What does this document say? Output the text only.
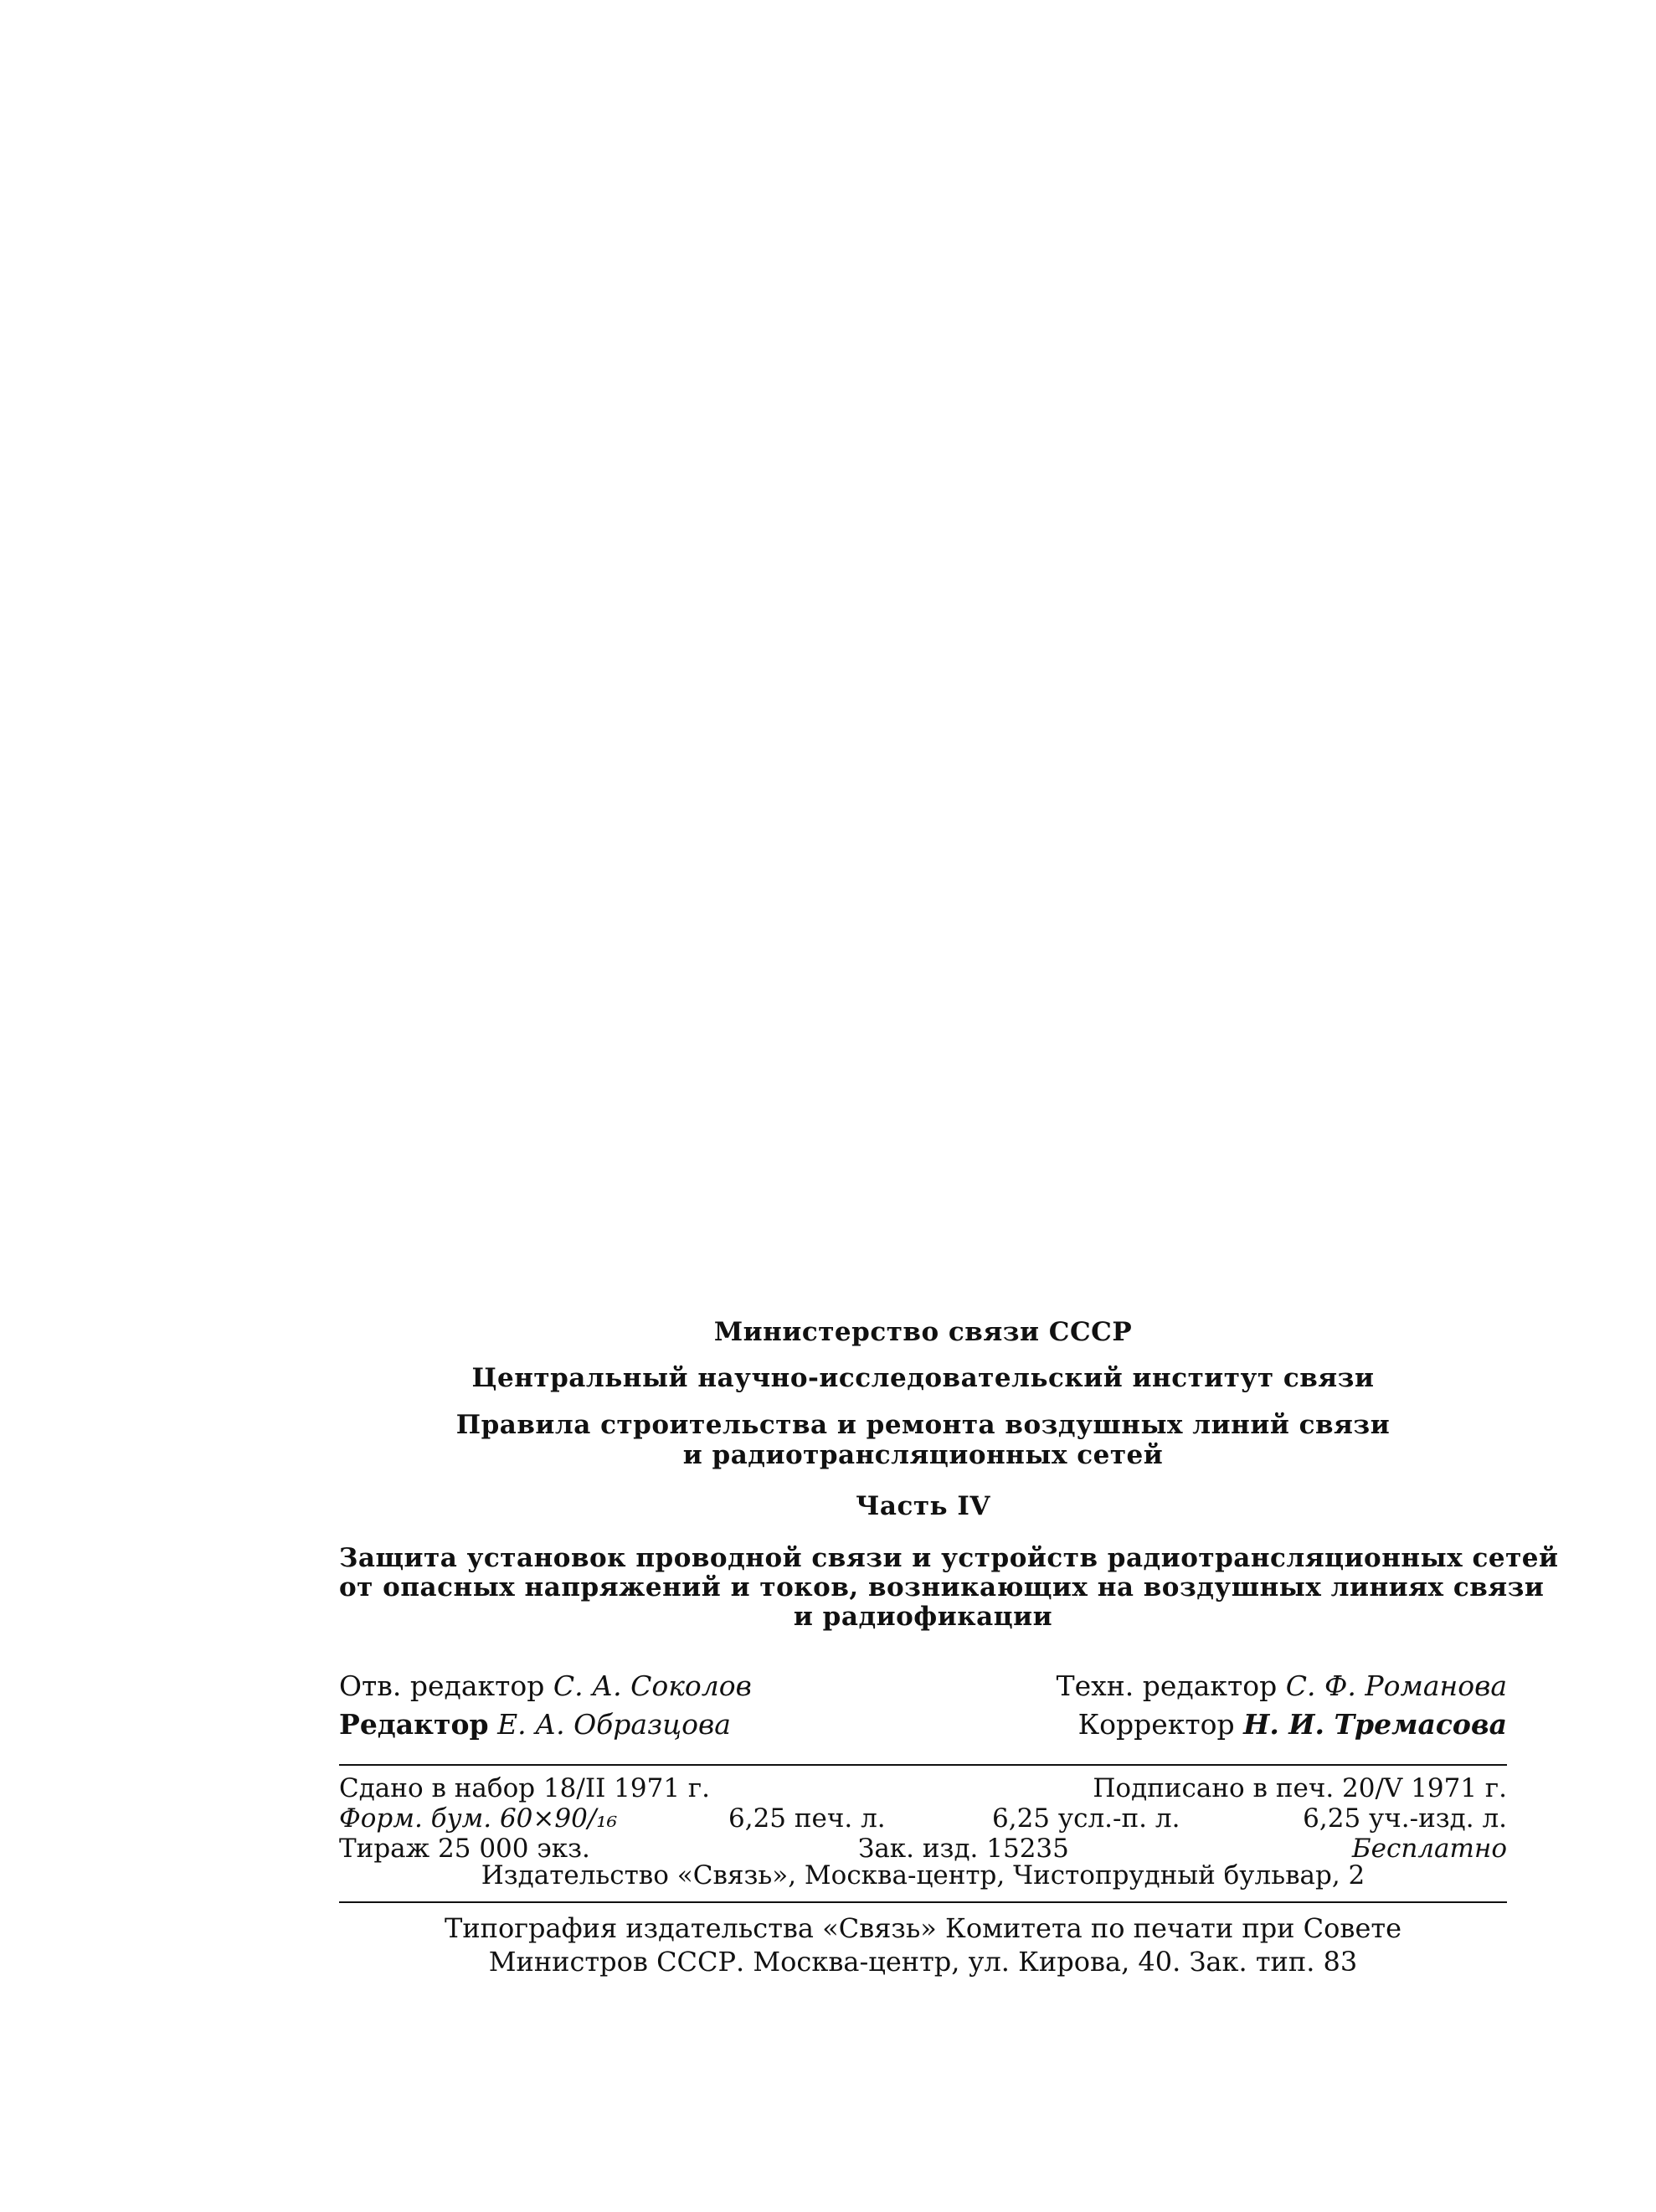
Министерство связи СССР
Центральный научно-исследовательский институт связи
Правила строительства и ремонта воздушных линий связи
и радиотрансляционных сетей
Часть IV
Защита установок проводной связи и устройств радиотрансляционных сетей
от опасных напряжений и токов, возникающих на воздушных линиях связи
и радиофикации
Отв. редактор С. А. Соколов	Техн. редактор С. Ф. Романова
Редактор Е. А. Образцова	Корректор Н. И. Тремасова
Сдано в набор 18/II 1971 г.	Подписано в печ. 20/V 1971 г.
Форм. бум. 60×90/₁₆	6,25 печ. л.	6,25 усл.-п. л.	6,25 уч.-изд. л.
Тираж 25 000 экз.	Зак. изд. 15235	Бесплатно
Издательство «Связь», Москва-центр, Чистопрудный бульвар, 2
Типография издательства «Связь» Комитета по печати при Совете
Министров СССР. Москва-центр, ул. Кирова, 40. Зак. тип. 83
